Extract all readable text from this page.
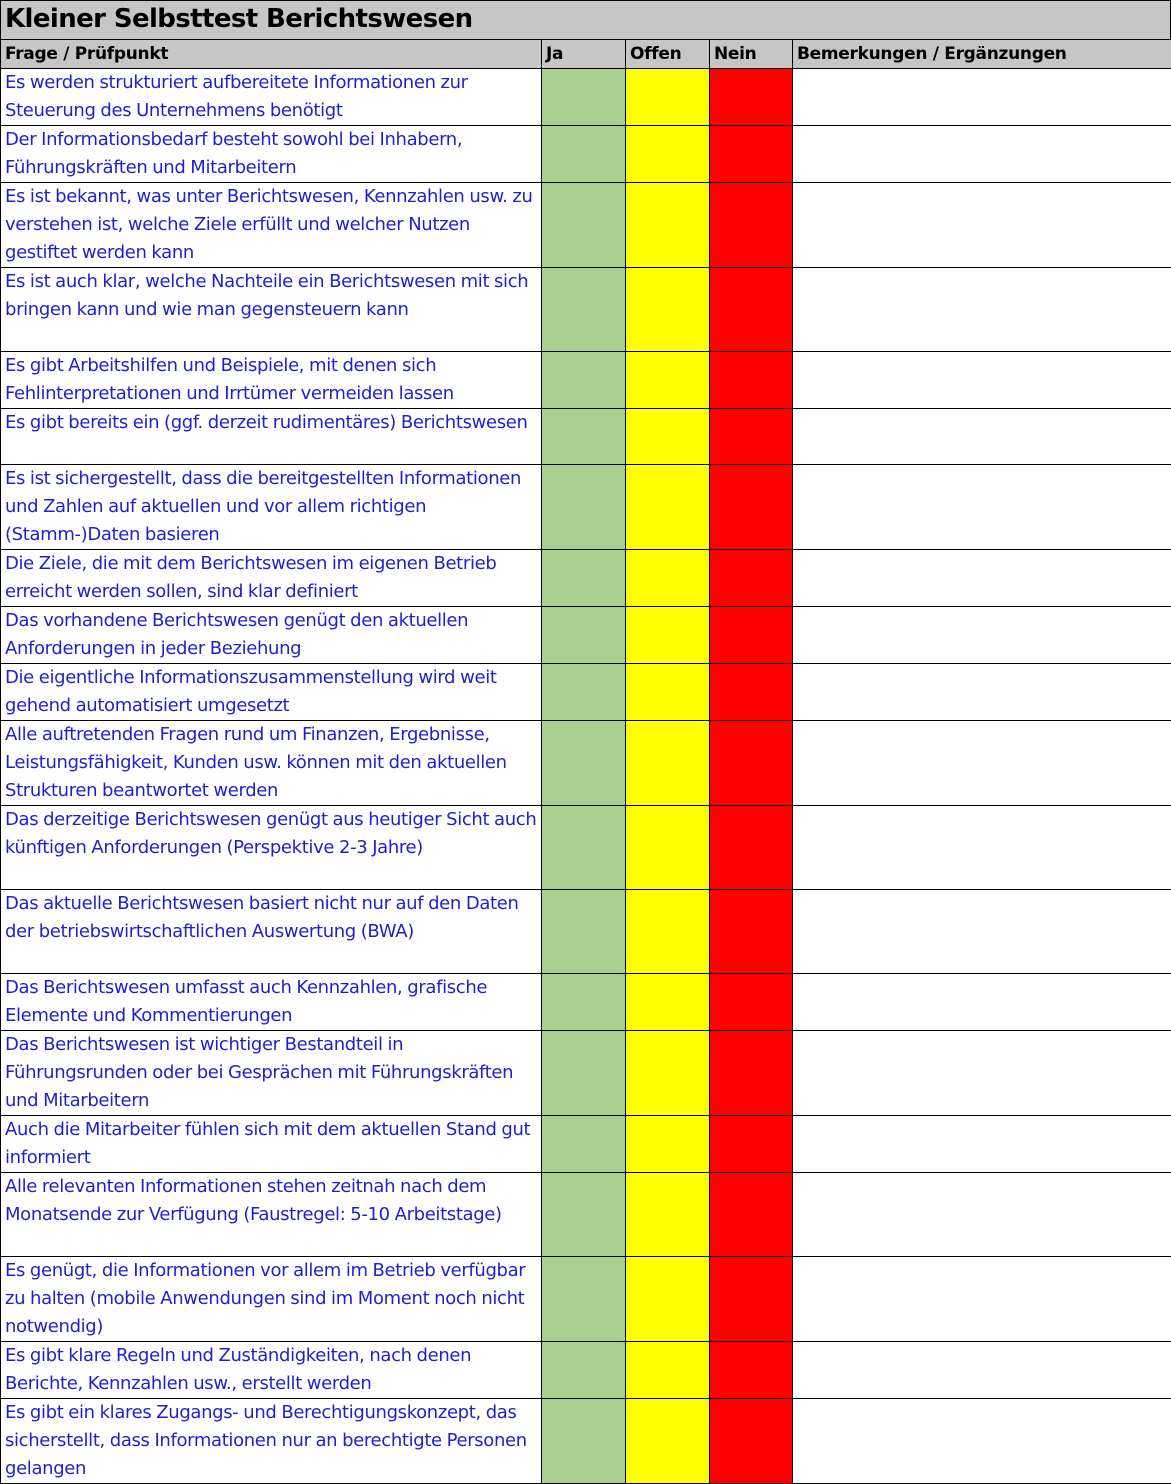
Kleiner Selbsttest Berichtswesen
Frage / Prüfpunkt	Ja	Offen	Nein	Bemerkungen / Ergänzungen
Es werden strukturiert aufbereitete Informationen zur Steuerung des Unternehmens benötigt				
Der Informationsbedarf besteht sowohl bei Inhabern, Führungskräften und Mitarbeitern				
Es ist bekannt, was unter Berichtswesen, Kennzahlen usw. zu verstehen ist, welche Ziele erfüllt und welcher Nutzen gestiftet werden kann				
Es ist auch klar, welche Nachteile ein Berichtswesen mit sich bringen kann und wie man gegensteuern kann				
Es gibt Arbeitshilfen und Beispiele, mit denen sich Fehlinterpretationen und Irrtümer vermeiden lassen				
Es gibt bereits ein (ggf. derzeit rudimentäres) Berichtswesen				
Es ist sichergestellt, dass die bereitgestellten Informationen und Zahlen auf aktuellen und vor allem richtigen (Stamm-)Daten basieren				
Die Ziele, die mit dem Berichtswesen im eigenen Betrieb erreicht werden sollen, sind klar definiert				
Das vorhandene Berichtswesen genügt den aktuellen Anforderungen in jeder Beziehung				
Die eigentliche Informationszusammenstellung wird weit gehend automatisiert umgesetzt				
Alle auftretenden Fragen rund um Finanzen, Ergebnisse, Leistungsfähigkeit, Kunden usw. können mit den aktuellen Strukturen beantwortet werden				
Das derzeitige Berichtswesen genügt aus heutiger Sicht auch künftigen Anforderungen (Perspektive 2-3 Jahre)				
Das aktuelle Berichtswesen basiert nicht nur auf den Daten der betriebswirtschaftlichen Auswertung (BWA)				
Das Berichtswesen umfasst auch Kennzahlen, grafische Elemente und Kommentierungen				
Das Berichtswesen ist wichtiger Bestandteil in Führungsrunden oder bei Gesprächen mit Führungskräften und Mitarbeitern				
Auch die Mitarbeiter fühlen sich mit dem aktuellen Stand gut informiert				
Alle relevanten Informationen stehen zeitnah nach dem Monatsende zur Verfügung (Faustregel: 5-10 Arbeitstage)				
Es genügt, die Informationen vor allem im Betrieb verfügbar zu halten (mobile Anwendungen sind im Moment noch nicht notwendig)				
Es gibt klare Regeln und Zuständigkeiten, nach denen Berichte, Kennzahlen usw., erstellt werden				
Es gibt ein klares Zugangs- und Berechtigungskonzept, das sicherstellt, dass Informationen nur an berechtigte Personen gelangen				
